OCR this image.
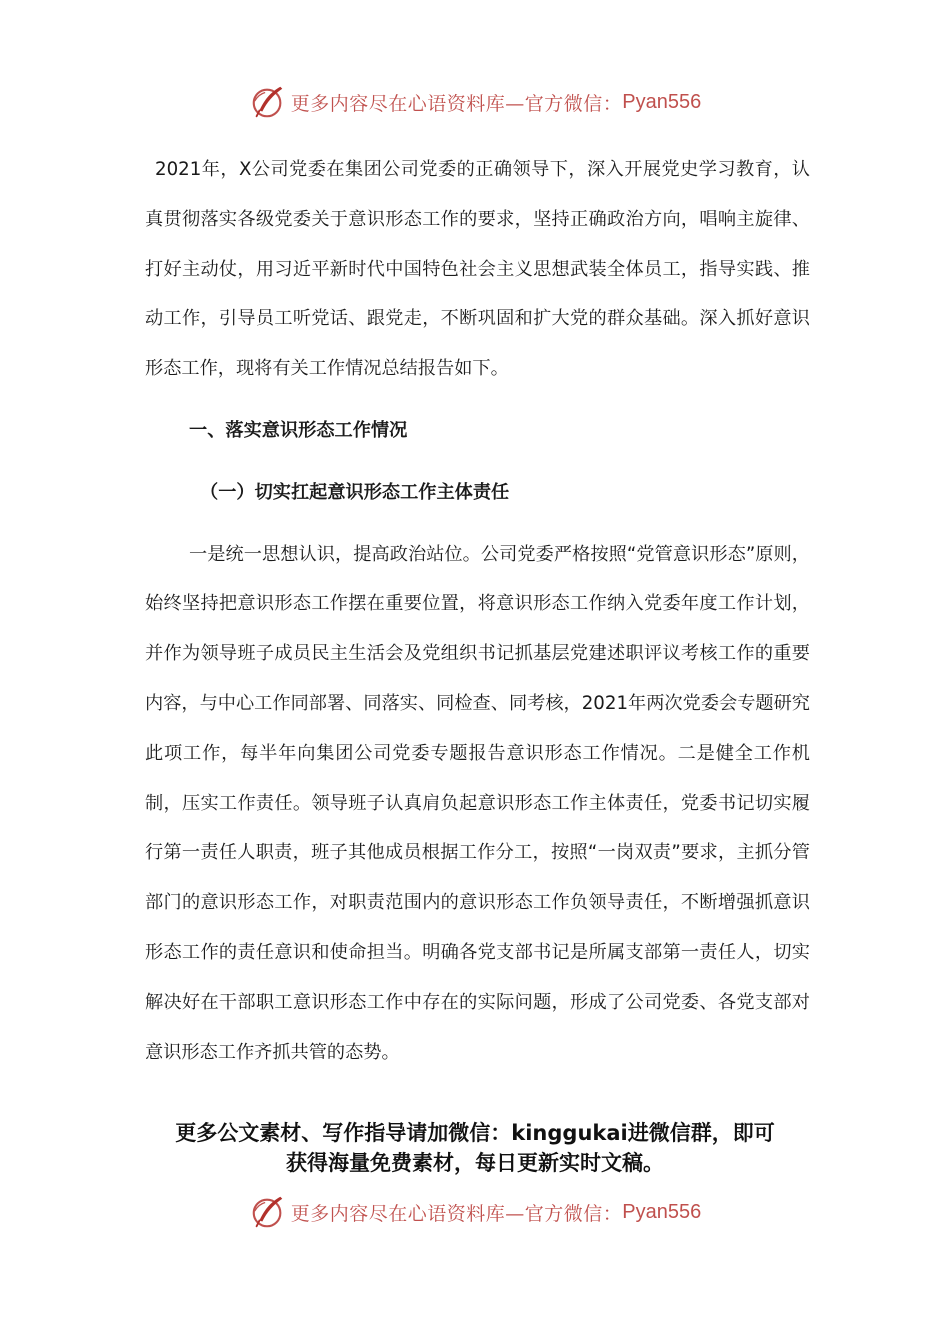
更多内容尽在心语资料库—官方微信： Pyan556

2021年，X公司党委在集团公司党委的正确领导下，深入开展党史学习教育，认真贯彻落实各级党委关于意识形态工作的要求，坚持正确政治方向，唱响主旋律、打好主动仗，用习近平新时代中国特色社会主义思想武装全体员工，指导实践、推动工作，引导员工听党话、跟党走，不断巩固和扩大党的群众基础。深入抓好意识形态工作，现将有关工作情况总结报告如下。

一、落实意识形态工作情况
（一）切实扛起意识形态工作主体责任

一是统一思想认识，提高政治站位。公司党委严格按照“党管意识形态”原则，始终坚持把意识形态工作摆在重要位置，将意识形态工作纳入党委年度工作计划，并作为领导班子成员民主生活会及党组织书记抓基层党建述职评议考核工作的重要内容，与中心工作同部署、同落实、同检查、同考核，2021年两次党委会专题研究此项工作，每半年向集团公司党委专题报告意识形态工作情况。二是健全工作机制，压实工作责任。领导班子认真肩负起意识形态工作主体责任，党委书记切实履行第一责任人职责，班子其他成员根据工作分工，按照“一岗双责”要求，主抓分管部门的意识形态工作，对职责范围内的意识形态工作负领导责任，不断增强抓意识形态工作的责任意识和使命担当。明确各党支部书记是所属支部第一责任人，切实解决好在干部职工意识形态工作中存在的实际问题，形成了公司党委、各党支部对意识形态工作齐抓共管的态势。

更多公文素材、写作指导请加微信：kinggukai进微信群，即可
获得海量免费素材，每日更新实时文稿。
更多内容尽在心语资料库—官方微信： Pyan556
